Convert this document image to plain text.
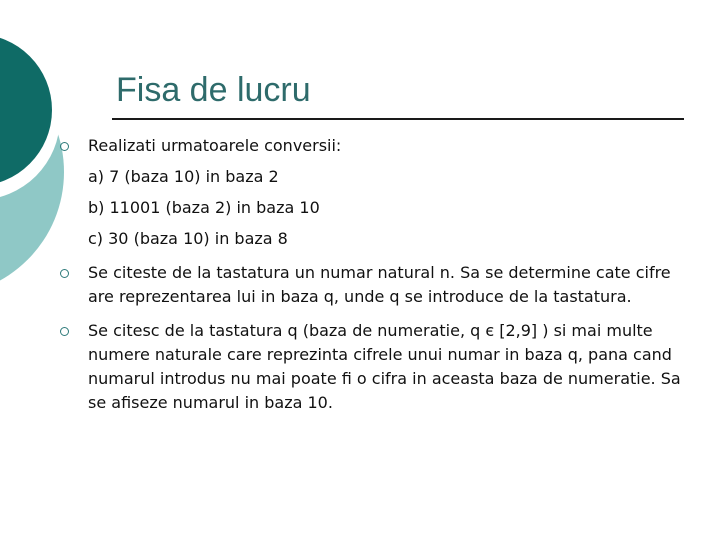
Fisa de lucru
Realizati urmatoarele conversii:
a) 7 (baza 10) in baza 2
b) 11001 (baza 2) in baza 10
c) 30 (baza 10) in baza 8
Se citeste de la tastatura un numar natural n. Sa se determine cate cifre are reprezentarea lui in baza q, unde q se introduce de la tastatura.
Se citesc de la tastatura q (baza de numeratie, q є [2,9] ) si mai multe numere naturale care reprezinta cifrele unui numar in baza q, pana cand numarul introdus nu mai poate fi o cifra in aceasta baza de numeratie. Sa se afiseze numarul in baza 10.
